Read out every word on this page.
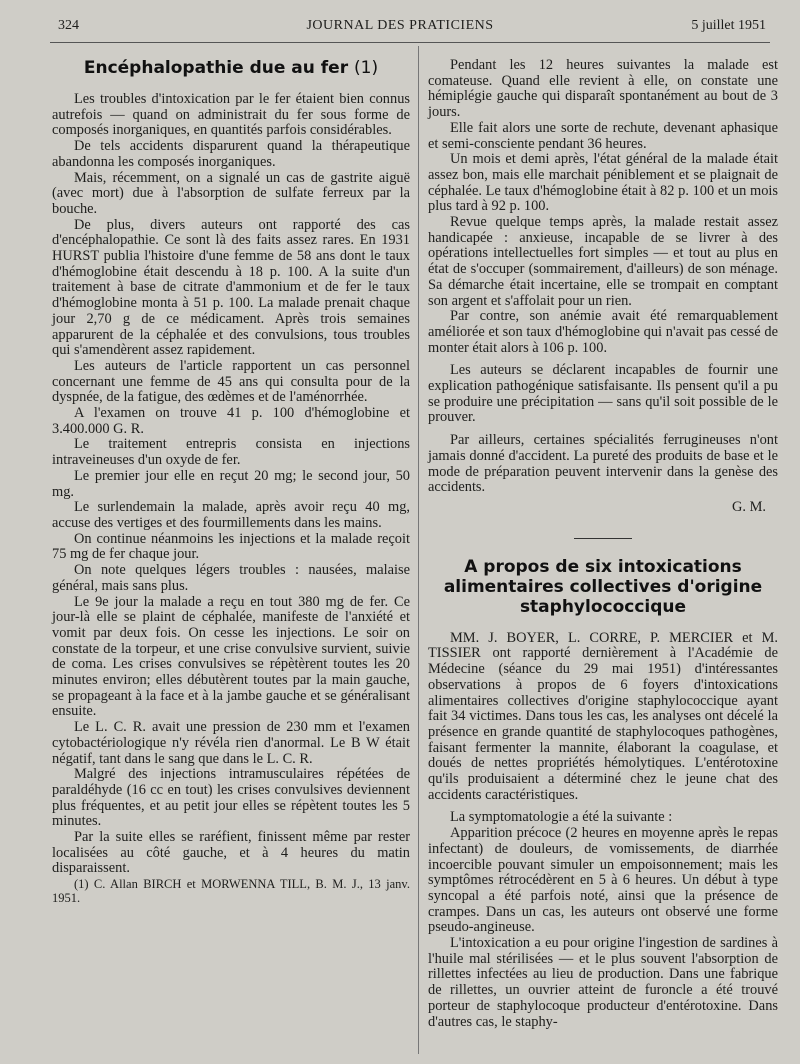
324	JOURNAL DES PRATICIENS	5 juillet 1951
Encéphalopathie due au fer (1)

Les troubles d'intoxication par le fer étaient bien connus autrefois — quand on administrait du fer sous forme de composés inorganiques, en quantités parfois considérables.

De tels accidents disparurent quand la thérapeutique abandonna les composés inorganiques.

Mais, récemment, on a signalé un cas de gastrite aiguë (avec mort) due à l'absorption de sulfate ferreux par la bouche.

De plus, divers auteurs ont rapporté des cas d'encéphalopathie. Ce sont là des faits assez rares. En 1931 HURST publia l'histoire d'une femme de 58 ans dont le taux d'hémoglobine était descendu à 18 p. 100. A la suite d'un traitement à base de citrate d'ammonium et de fer le taux d'hémoglobine monta à 51 p. 100. La malade prenait chaque jour 2,70 g de ce médicament. Après trois semaines apparurent de la céphalée et des convulsions, tous troubles qui s'amendèrent assez rapidement.

Les auteurs de l'article rapportent un cas personnel concernant une femme de 45 ans qui consulta pour de la dyspnée, de la fatigue, des œdèmes et de l'aménorrhée.

A l'examen on trouve 41 p. 100 d'hémoglobine et 3.400.000 G. R.

Le traitement entrepris consista en injections intraveineuses d'un oxyde de fer.

Le premier jour elle en reçut 20 mg; le second jour, 50 mg.

Le surlendemain la malade, après avoir reçu 40 mg, accuse des vertiges et des fourmillements dans les mains.

On continue néanmoins les injections et la malade reçoit 75 mg de fer chaque jour.

On note quelques légers troubles : nausées, malaise général, mais sans plus.

Le 9e jour la malade a reçu en tout 380 mg de fer. Ce jour-là elle se plaint de céphalée, manifeste de l'anxiété et vomit par deux fois. On cesse les injections. Le soir on constate de la torpeur, et une crise convulsive survient, suivie de coma. Les crises convulsives se répètèrent toutes les 20 minutes environ; elles débutèrent toutes par la main gauche, se propageant à la face et à la jambe gauche et se généralisant ensuite.

Le L. C. R. avait une pression de 230 mm et l'examen cytobactériologique n'y révéla rien d'anormal. Le B W était négatif, tant dans le sang que dans le L. C. R.

Malgré des injections intramusculaires répétées de paraldéhyde (16 cc en tout) les crises convulsives deviennent plus fréquentes, et au petit jour elles se répètent toutes les 5 minutes.

Par la suite elles se raréfient, finissent même par rester localisées au côté gauche, et à 4 heures du matin disparaissent.

(1) C. Allan BIRCH et MORWENNA TILL, B. M. J., 13 janv. 1951.

Pendant les 12 heures suivantes la malade est comateuse. Quand elle revient à elle, on constate une hémiplégie gauche qui disparaît spontanément au bout de 3 jours.

Elle fait alors une sorte de rechute, devenant aphasique et semi-consciente pendant 36 heures.

Un mois et demi après, l'état général de la malade était assez bon, mais elle marchait péniblement et se plaignait de céphalée. Le taux d'hémoglobine était à 82 p. 100 et un mois plus tard à 92 p. 100.

Revue quelque temps après, la malade restait assez handicapée : anxieuse, incapable de se livrer à des opérations intellectuelles fort simples — et tout au plus en état de s'occuper (sommairement, d'ailleurs) de son ménage. Sa démarche était incertaine, elle se trompait en comptant son argent et s'affolait pour un rien.

Par contre, son anémie avait été remarquablement améliorée et son taux d'hémoglobine qui n'avait pas cessé de monter était alors à 106 p. 100.

Les auteurs se déclarent incapables de fournir une explication pathogénique satisfaisante. Ils pensent qu'il a pu se produire une précipitation — sans qu'il soit possible de le prouver.

Par ailleurs, certaines spécialités ferrugineuses n'ont jamais donné d'accident. La pureté des produits de base et le mode de préparation peuvent intervenir dans la genèse des accidents.

G. M.
A propos de six intoxications alimentaires collectives d'origine staphylococcique

MM. J. BOYER, L. CORRE, P. MERCIER et M. TISSIER ont rapporté dernièrement à l'Académie de Médecine (séance du 29 mai 1951) d'intéressantes observations à propos de 6 foyers d'intoxications alimentaires collectives d'origine staphylococcique ayant fait 34 victimes. Dans tous les cas, les analyses ont décelé la présence en grande quantité de staphylocoques pathogènes, faisant fermenter la mannite, élaborant la coagulase, et doués de nettes propriétés hémolytiques. L'entérotoxine qu'ils produisaient a déterminé chez le jeune chat des accidents caractéristiques.

La symptomatologie a été la suivante :

Apparition précoce (2 heures en moyenne après le repas infectant) de douleurs, de vomissements, de diarrhée incoercible pouvant simuler un empoisonnement; mais les symptômes rétrocédèrent en 5 à 6 heures. Un début à type syncopal a été parfois noté, ainsi que la présence de crampes. Dans un cas, les auteurs ont observé une forme pseudo-angineuse.

L'intoxication a eu pour origine l'ingestion de sardines à l'huile mal stérilisées — et le plus souvent l'absorption de rillettes infectées au lieu de production. Dans une fabrique de rillettes, un ouvrier atteint de furoncle a été trouvé porteur de staphylocoque producteur d'entérotoxine. Dans d'autres cas, le staphy-
